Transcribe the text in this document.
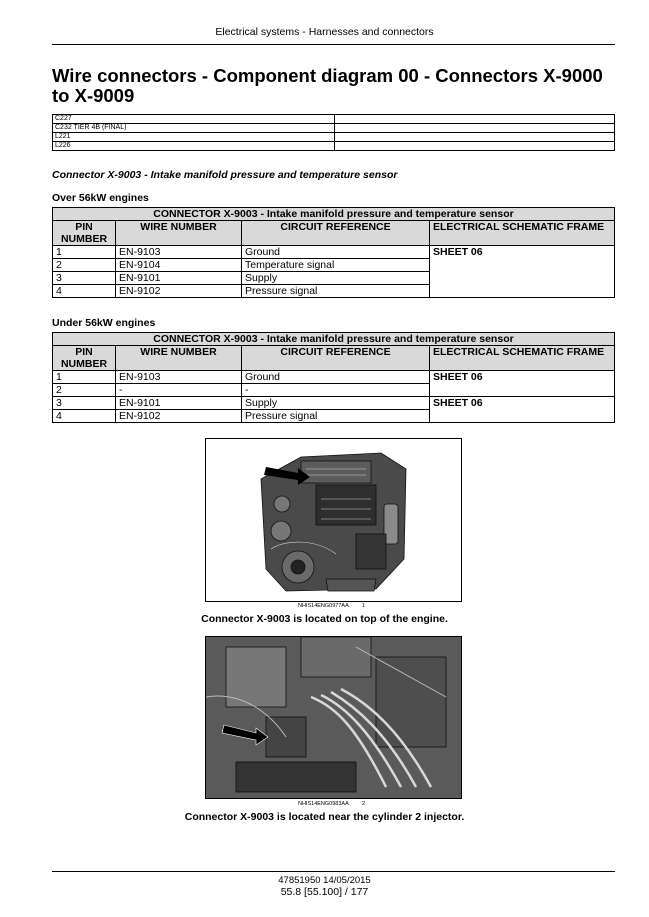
Electrical systems - Harnesses and connectors
Wire connectors - Component diagram 00 - Connectors X-9000 to X-9009
C227	
C232 TIER 4B (FINAL)	
L221	
L226	
Connector X-9003 - Intake manifold pressure and temperature sensor
Over 56kW engines
CONNECTOR X-9003 - Intake manifold pressure and temperature sensor			
PIN NUMBER	WIRE NUMBER	CIRCUIT REFERENCE	ELECTRICAL SCHEMATIC FRAME
1	EN-9103	Ground	SHEET 06
2	EN-9104	Temperature signal	
3	EN-9101	Supply	
4	EN-9102	Pressure signal	
Under 56kW engines
CONNECTOR X-9003 - Intake manifold pressure and temperature sensor			
PIN NUMBER	WIRE NUMBER	CIRCUIT REFERENCE	ELECTRICAL SCHEMATIC FRAME
1	EN-9103	Ground	SHEET 06
2	-	-	
3	EN-9101	Supply	SHEET 06
4	EN-9102	Pressure signal	
NHIS14ENG0977AA 1
Connector X-9003 is located on top of the engine.
NHIS14ENG0983AA 2
Connector X-9003 is located near the cylinder 2 injector.
47851950 14/05/2015
55.8 [55.100] / 177
